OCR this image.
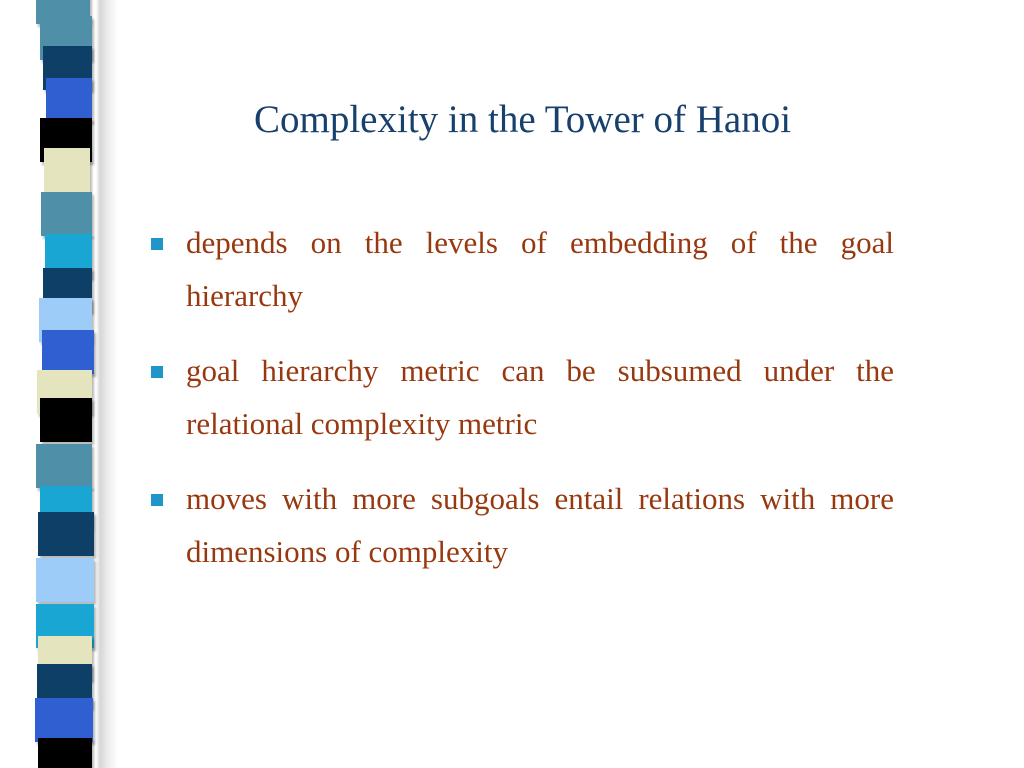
Complexity in the Tower of Hanoi
depends on the levels of embedding of the goal hierarchy
goal hierarchy metric can be subsumed under the relational complexity metric
moves with more subgoals entail relations with more dimensions of complexity
